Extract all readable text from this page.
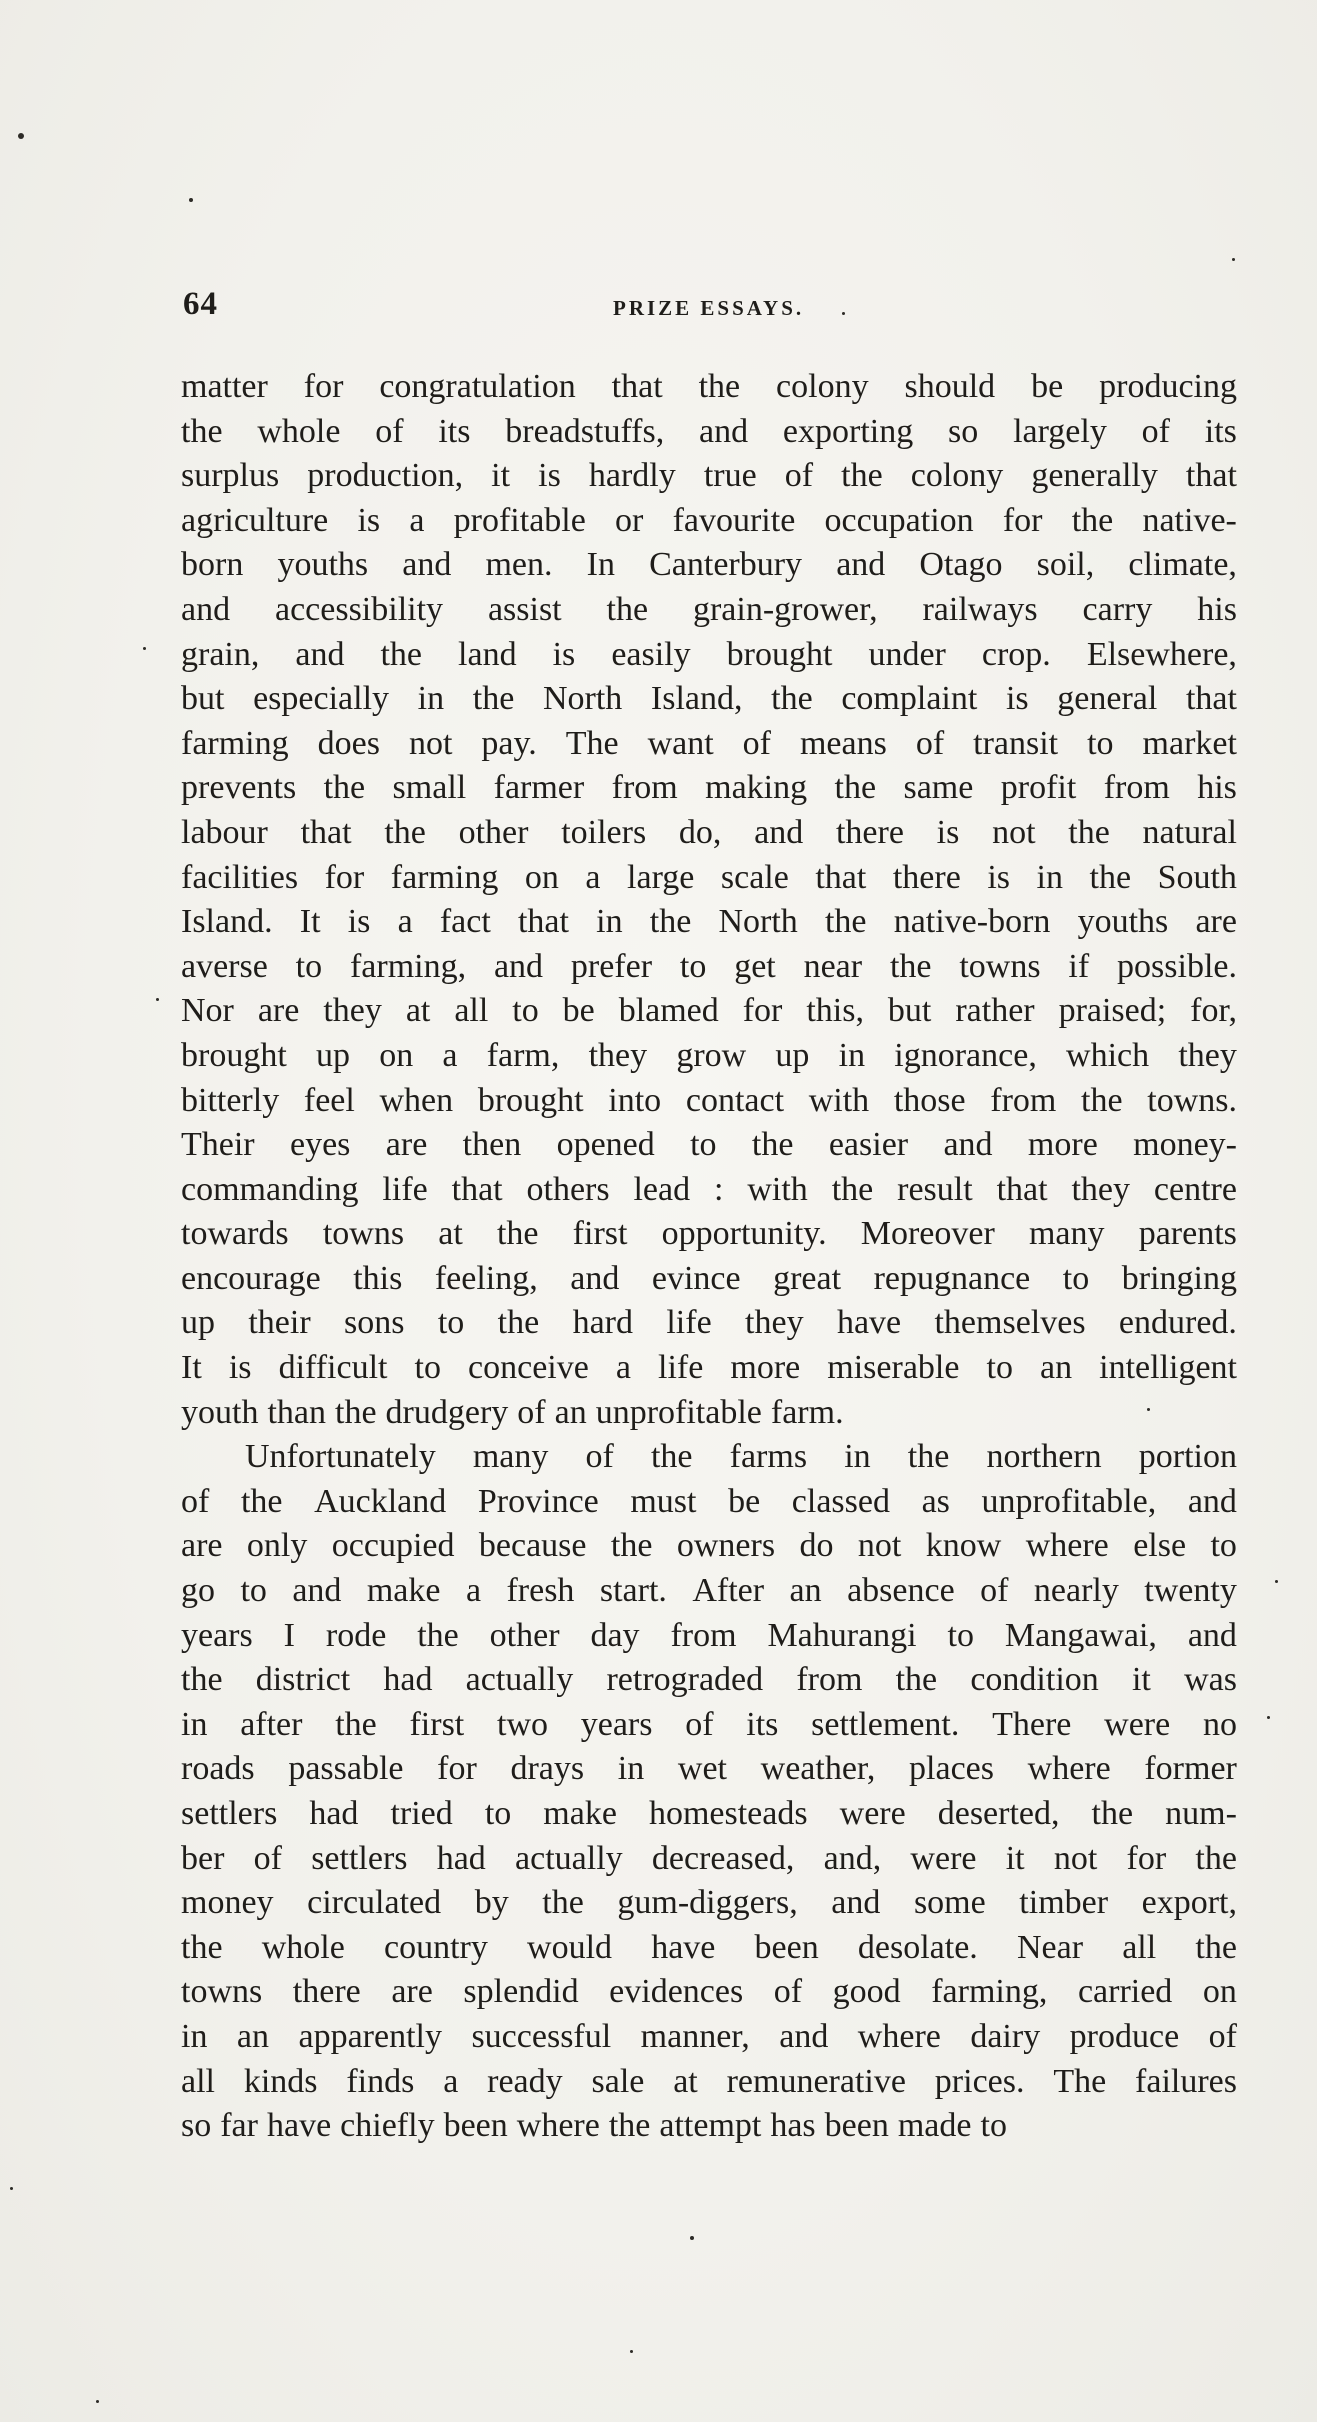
64	PRIZE ESSAYS.
matter for congratulation that the colony should be producing
the whole of its breadstuffs, and exporting so largely of its
surplus production, it is hardly true of the colony generally that
agriculture is a profitable or favourite occupation for the native-
born youths and men. In Canterbury and Otago soil, climate,
and accessibility assist the grain-grower, railways carry his
grain, and the land is easily brought under crop. Elsewhere,
but especially in the North Island, the complaint is general that
farming does not pay. The want of means of transit to market
prevents the small farmer from making the same profit from his
labour that the other toilers do, and there is not the natural
facilities for farming on a large scale that there is in the South
Island. It is a fact that in the North the native-born youths are
averse to farming, and prefer to get near the towns if possible.
Nor are they at all to be blamed for this, but rather praised; for,
brought up on a farm, they grow up in ignorance, which they
bitterly feel when brought into contact with those from the towns.
Their eyes are then opened to the easier and more money-
commanding life that others lead : with the result that they centre
towards towns at the first opportunity. Moreover many parents
encourage this feeling, and evince great repugnance to bringing
up their sons to the hard life they have themselves endured.
It is difficult to conceive a life more miserable to an intelligent
youth than the drudgery of an unprofitable farm.
Unfortunately many of the farms in the northern portion
of the Auckland Province must be classed as unprofitable, and
are only occupied because the owners do not know where else to
go to and make a fresh start. After an absence of nearly twenty
years I rode the other day from Mahurangi to Mangawai, and
the district had actually retrograded from the condition it was
in after the first two years of its settlement. There were no
roads passable for drays in wet weather, places where former
settlers had tried to make homesteads were deserted, the num-
ber of settlers had actually decreased, and, were it not for the
money circulated by the gum-diggers, and some timber export,
the whole country would have been desolate. Near all the
towns there are splendid evidences of good farming, carried on
in an apparently successful manner, and where dairy produce of
all kinds finds a ready sale at remunerative prices. The failures
so far have chiefly been where the attempt has been made to
